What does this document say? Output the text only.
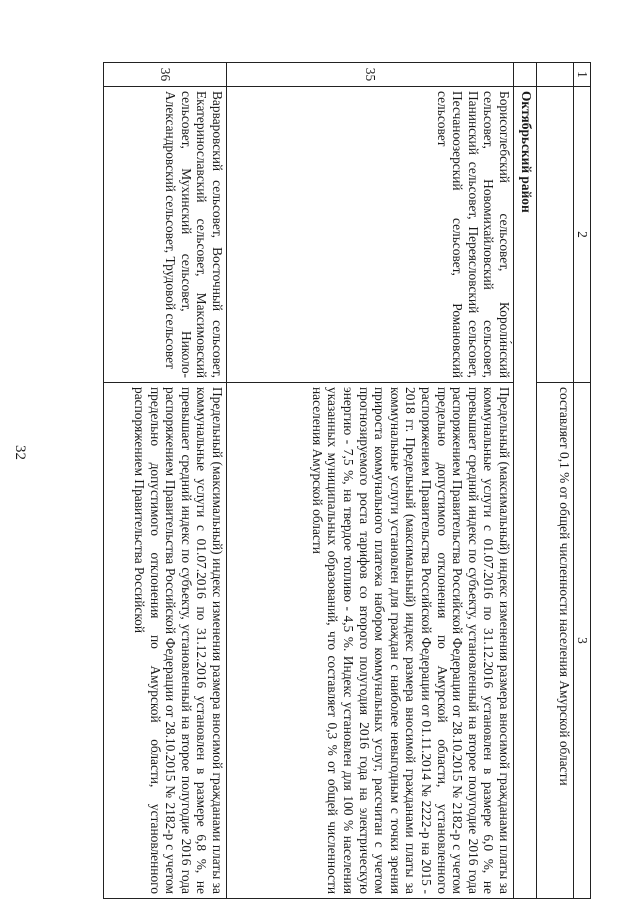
32
1	2	3
		составляет 0,1 % от общей численности населения Амурской области
	Октябрьский район	
35	Борисоглебский сельсовет, Короли́нский сельсовет, Новомихайловский сельсовет, Панинский сельсовет, Переясловский сельсовет, Песчаноозерский сельсовет, Романовский сельсовет	Предельный (максимальный) индекс изменения размера вносимой гражданами платы за коммунальные услуги с 01.07.2016 по 31.12.2016 установлен в размере 6,0 %, не превышает средний индекс по субъекту, установленный на второе полугодие 2016 года распоряжением Правительства Российской Федерации от 28.10.2015 № 2182-р с учетом предельно допустимого отклонения по Амурской области, установленного распоряжением Правительства Российской Федерации от 01.11.2014 № 2222-р на 2015 - 2018 гг. Предельный (максимальный) индекс размера вносимой гражданами платы за коммунальные услуги установлен для граждан с наиболее невыгодным с точки зрения прироста коммунального платежа набором коммунальных услуг, рассчитан с учетом прогнозируемого роста тарифов со второго полугодия 2016 года на электрическую энергию - 7,5 %, на твердое топливо - 4,5 %. Индекс установлен для 100 % населения указанных муниципальных образований, что составляет 0,3 % от общей численности населения Амурской области
36	Варваровский сельсовет, Восточный сельсовет, Екатеринославский сельсовет, Максимовский сельсовет, Мухинский сельсовет, Николо-Александровский сельсовет, Трудовой сельсовет	Предельный (максимальный) индекс изменения размера вносимой гражданами платы за коммунальные услуги с 01.07.2016 по 31.12.2016 установлен в размере 6,8 %, не превышает средний индекс по субъекту, установленный на второе полугодие 2016 года распоряжением Правительства Российской Федерации от 28.10.2015 № 2182-р с учетом предельно допустимого отклонения по Амурской области, установленного распоряжением Правительства Российской
